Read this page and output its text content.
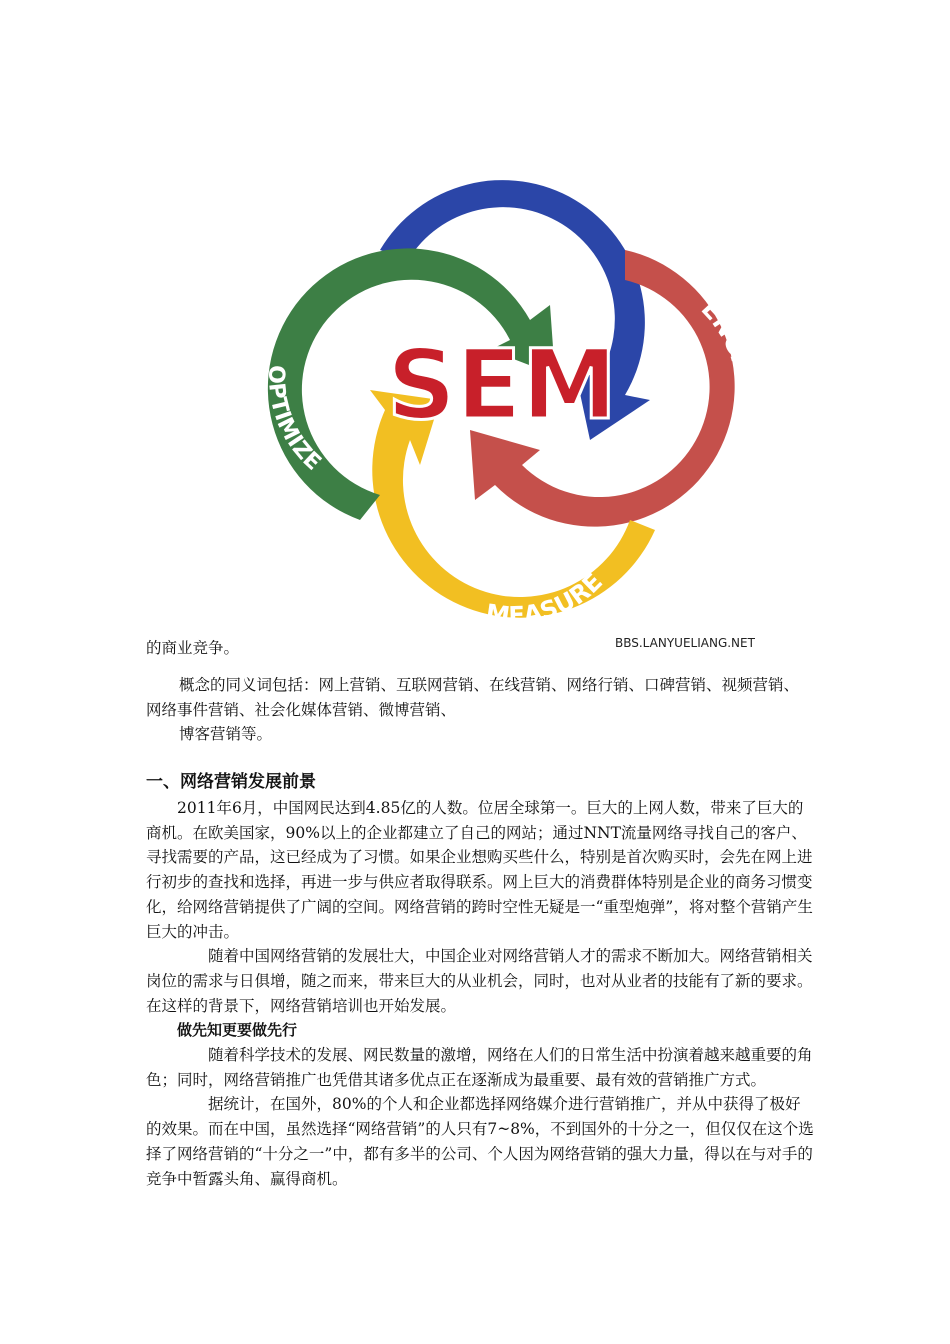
PROMOTE
ENGAGE
MEASURE
OPTIMIZE
SEM
BBS.LANYUELIANG.NET
的商业竞争。

概念的同义词包括：网上营销、互联网营销、在线营销、网络行销、口碑营销、视频营销、网络事件营销、社会化媒体营销、微博营销、

博客营销等。

一、网络营销发展前景

2011年6月，中国网民达到4.85亿的人数。位居全球第一。巨大的上网人数，带来了巨大的商机。在欧美国家，90%以上的企业都建立了自己的网站；通过NNT流量网络寻找自己的客户、寻找需要的产品，这已经成为了习惯。如果企业想购买些什么，特别是首次购买时，会先在网上进行初步的查找和选择，再进一步与供应者取得联系。网上巨大的消费群体特别是企业的商务习惯变化，给网络营销提供了广阔的空间。网络营销的跨时空性无疑是一“重型炮弹”，将对整个营销产生巨大的冲击。

随着中国网络营销的发展壮大，中国企业对网络营销人才的需求不断加大。网络营销相关岗位的需求与日俱增，随之而来，带来巨大的从业机会，同时，也对从业者的技能有了新的要求。在这样的背景下，网络营销培训也开始发展。

做先知更要做先行

随着科学技术的发展、网民数量的激增，网络在人们的日常生活中扮演着越来越重要的角色；同时，网络营销推广也凭借其诸多优点正在逐渐成为最重要、最有效的营销推广方式。

据统计，在国外，80%的个人和企业都选择网络媒介进行营销推广，并从中获得了极好的效果。而在中国，虽然选择“网络营销”的人只有7~8%，不到国外的十分之一，但仅仅在这个选择了网络营销的“十分之一”中，都有多半的公司、个人因为网络营销的强大力量，得以在与对手的竞争中暂露头角、赢得商机。
